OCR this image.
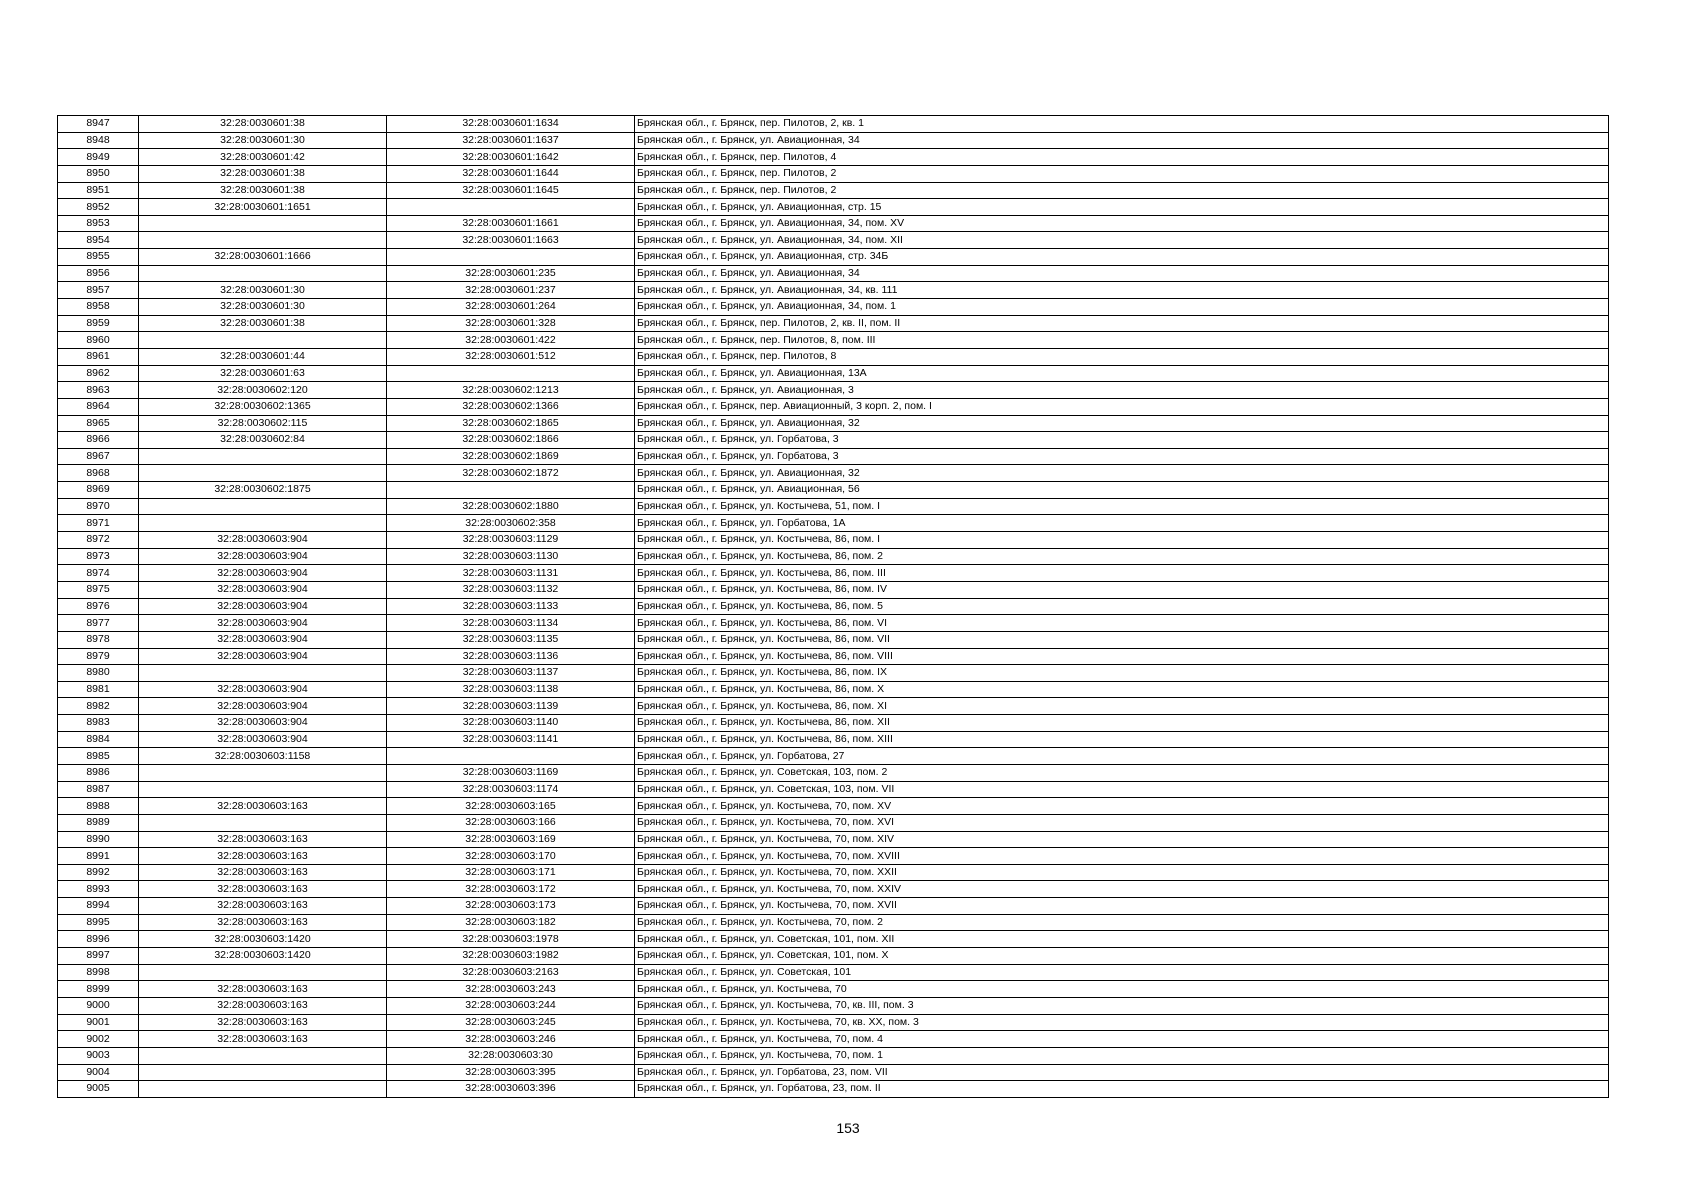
8947	32:28:0030601:38	32:28:0030601:1634	Брянская обл., г. Брянск, пер. Пилотов, 2, кв. 1
8948	32:28:0030601:30	32:28:0030601:1637	Брянская обл., г. Брянск, ул. Авиационная, 34
8949	32:28:0030601:42	32:28:0030601:1642	Брянская обл., г. Брянск, пер. Пилотов, 4
8950	32:28:0030601:38	32:28:0030601:1644	Брянская обл., г. Брянск, пер. Пилотов, 2
8951	32:28:0030601:38	32:28:0030601:1645	Брянская обл., г. Брянск, пер. Пилотов, 2
8952	32:28:0030601:1651		Брянская обл., г. Брянск, ул. Авиационная, стр. 15
8953		32:28:0030601:1661	Брянская обл., г. Брянск, ул. Авиационная, 34, пом. XV
8954		32:28:0030601:1663	Брянская обл., г. Брянск, ул. Авиационная, 34, пом. XII
8955	32:28:0030601:1666		Брянская обл., г. Брянск, ул. Авиационная, стр. 34Б
8956		32:28:0030601:235	Брянская обл., г. Брянск, ул. Авиационная, 34
8957	32:28:0030601:30	32:28:0030601:237	Брянская обл., г. Брянск, ул. Авиационная, 34, кв. 111
8958	32:28:0030601:30	32:28:0030601:264	Брянская обл., г. Брянск, ул. Авиационная, 34, пом. 1
8959	32:28:0030601:38	32:28:0030601:328	Брянская обл., г. Брянск, пер. Пилотов, 2, кв. II, пом. II
8960		32:28:0030601:422	Брянская обл., г. Брянск, пер. Пилотов, 8, пом. III
8961	32:28:0030601:44	32:28:0030601:512	Брянская обл., г. Брянск, пер. Пилотов, 8
8962	32:28:0030601:63		Брянская обл., г. Брянск, ул. Авиационная, 13А
8963	32:28:0030602:120	32:28:0030602:1213	Брянская обл., г. Брянск, ул. Авиационная, 3
8964	32:28:0030602:1365	32:28:0030602:1366	Брянская обл., г. Брянск, пер. Авиационный, 3 корп. 2, пом. I
8965	32:28:0030602:115	32:28:0030602:1865	Брянская обл., г. Брянск, ул. Авиационная, 32
8966	32:28:0030602:84	32:28:0030602:1866	Брянская обл., г. Брянск, ул. Горбатова, 3
8967		32:28:0030602:1869	Брянская обл., г. Брянск, ул. Горбатова, 3
8968		32:28:0030602:1872	Брянская обл., г. Брянск, ул. Авиационная, 32
8969	32:28:0030602:1875		Брянская обл., г. Брянск, ул. Авиационная, 56
8970		32:28:0030602:1880	Брянская обл., г. Брянск, ул. Костычева, 51, пом. I
8971		32:28:0030602:358	Брянская обл., г. Брянск, ул. Горбатова, 1А
8972	32:28:0030603:904	32:28:0030603:1129	Брянская обл., г. Брянск, ул. Костычева, 86, пом. I
8973	32:28:0030603:904	32:28:0030603:1130	Брянская обл., г. Брянск, ул. Костычева, 86, пом. 2
8974	32:28:0030603:904	32:28:0030603:1131	Брянская обл., г. Брянск, ул. Костычева, 86, пом. III
8975	32:28:0030603:904	32:28:0030603:1132	Брянская обл., г. Брянск, ул. Костычева, 86, пом. IV
8976	32:28:0030603:904	32:28:0030603:1133	Брянская обл., г. Брянск, ул. Костычева, 86, пом. 5
8977	32:28:0030603:904	32:28:0030603:1134	Брянская обл., г. Брянск, ул. Костычева, 86, пом. VI
8978	32:28:0030603:904	32:28:0030603:1135	Брянская обл., г. Брянск, ул. Костычева, 86, пом. VII
8979	32:28:0030603:904	32:28:0030603:1136	Брянская обл., г. Брянск, ул. Костычева, 86, пом. VIII
8980		32:28:0030603:1137	Брянская обл., г. Брянск, ул. Костычева, 86, пом. IX
8981	32:28:0030603:904	32:28:0030603:1138	Брянская обл., г. Брянск, ул. Костычева, 86, пом. X
8982	32:28:0030603:904	32:28:0030603:1139	Брянская обл., г. Брянск, ул. Костычева, 86, пом. XI
8983	32:28:0030603:904	32:28:0030603:1140	Брянская обл., г. Брянск, ул. Костычева, 86, пом. XII
8984	32:28:0030603:904	32:28:0030603:1141	Брянская обл., г. Брянск, ул. Костычева, 86, пом. XIII
8985	32:28:0030603:1158		Брянская обл., г. Брянск, ул. Горбатова, 27
8986		32:28:0030603:1169	Брянская обл., г. Брянск, ул. Советская, 103, пом. 2
8987		32:28:0030603:1174	Брянская обл., г. Брянск, ул. Советская, 103, пом. VII
8988	32:28:0030603:163	32:28:0030603:165	Брянская обл., г. Брянск, ул. Костычева, 70, пом. XV
8989		32:28:0030603:166	Брянская обл., г. Брянск, ул. Костычева, 70, пом. XVI
8990	32:28:0030603:163	32:28:0030603:169	Брянская обл., г. Брянск, ул. Костычева, 70, пом. XIV
8991	32:28:0030603:163	32:28:0030603:170	Брянская обл., г. Брянск, ул. Костычева, 70, пом. XVIII
8992	32:28:0030603:163	32:28:0030603:171	Брянская обл., г. Брянск, ул. Костычева, 70, пом. XXII
8993	32:28:0030603:163	32:28:0030603:172	Брянская обл., г. Брянск, ул. Костычева, 70, пом. XXIV
8994	32:28:0030603:163	32:28:0030603:173	Брянская обл., г. Брянск, ул. Костычева, 70, пом. XVII
8995	32:28:0030603:163	32:28:0030603:182	Брянская обл., г. Брянск, ул. Костычева, 70, пом. 2
8996	32:28:0030603:1420	32:28:0030603:1978	Брянская обл., г. Брянск, ул. Советская, 101, пом. XII
8997	32:28:0030603:1420	32:28:0030603:1982	Брянская обл., г. Брянск, ул. Советская, 101, пом. X
8998		32:28:0030603:2163	Брянская обл., г. Брянск, ул. Советская, 101
8999	32:28:0030603:163	32:28:0030603:243	Брянская обл., г. Брянск, ул. Костычева, 70
9000	32:28:0030603:163	32:28:0030603:244	Брянская обл., г. Брянск, ул. Костычева, 70, кв. III, пом. 3
9001	32:28:0030603:163	32:28:0030603:245	Брянская обл., г. Брянск, ул. Костычева, 70, кв. XX, пом. 3
9002	32:28:0030603:163	32:28:0030603:246	Брянская обл., г. Брянск, ул. Костычева, 70, пом. 4
9003		32:28:0030603:30	Брянская обл., г. Брянск, ул. Костычева, 70, пом. 1
9004		32:28:0030603:395	Брянская обл., г. Брянск, ул. Горбатова, 23, пом. VII
9005		32:28:0030603:396	Брянская обл., г. Брянск, ул. Горбатова, 23, пом. II
153
